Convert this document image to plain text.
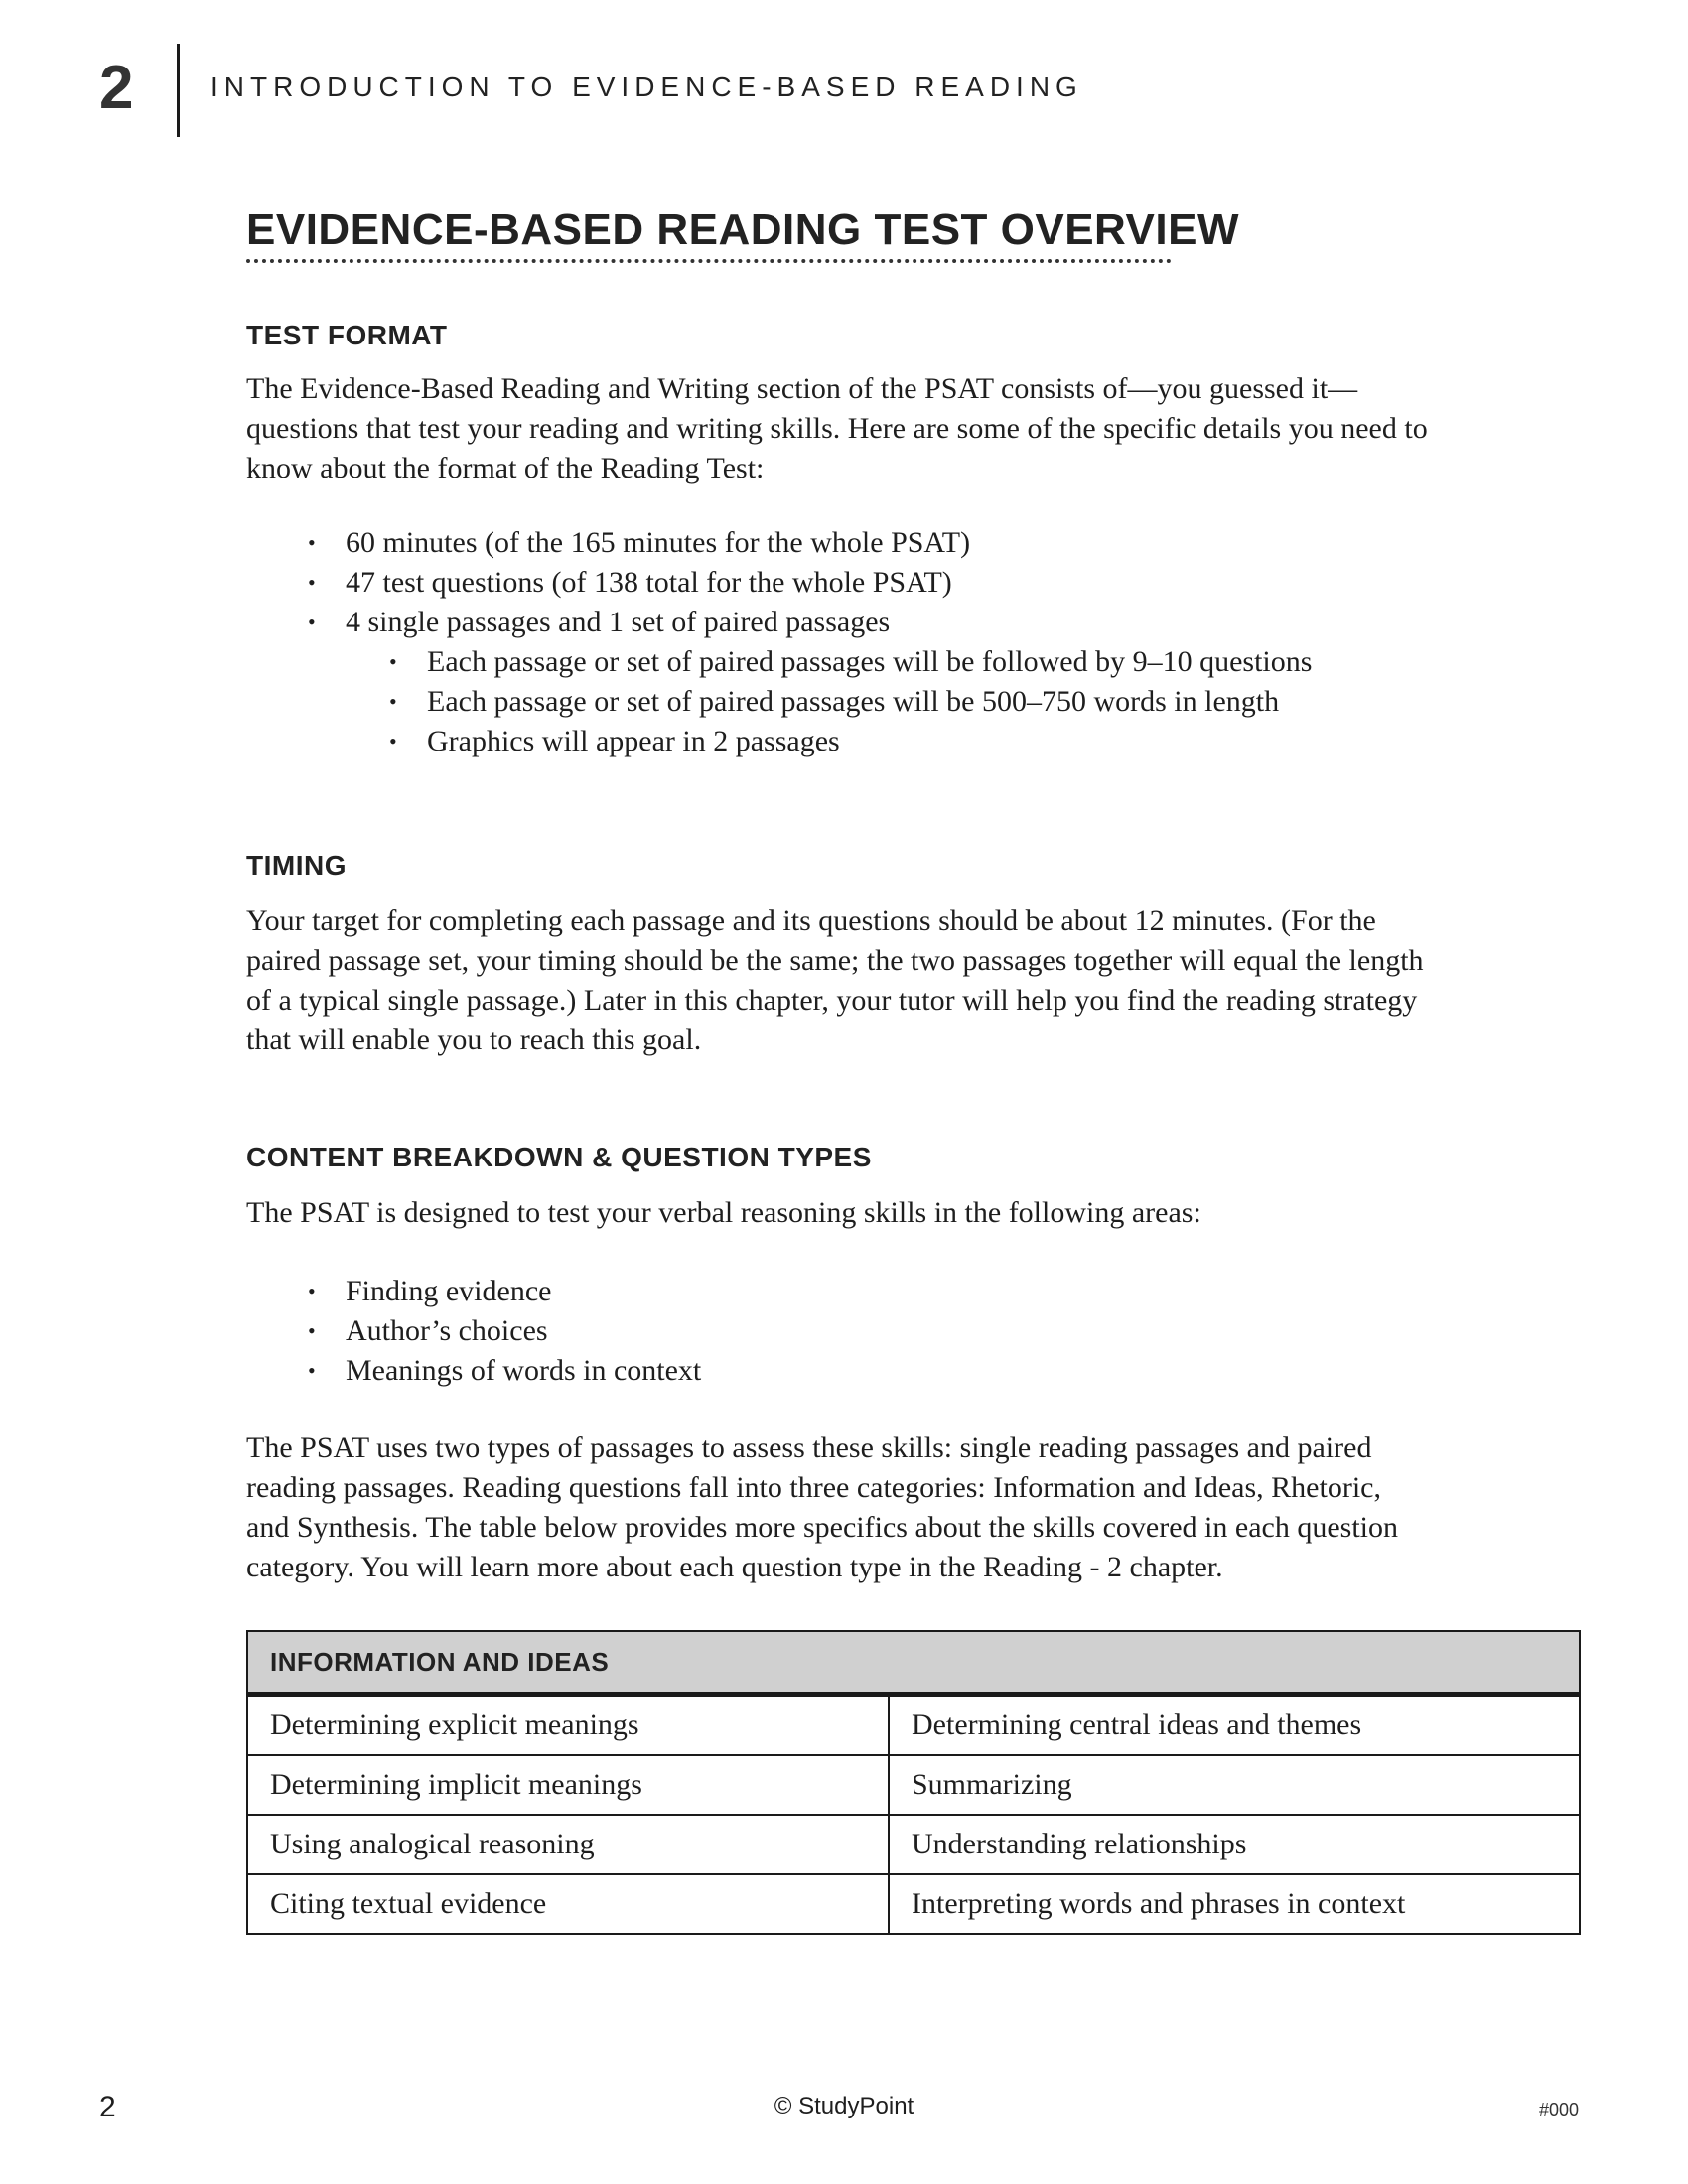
2	INTRODUCTION TO EVIDENCE-BASED READING
EVIDENCE-BASED READING TEST OVERVIEW
TEST FORMAT
The Evidence-Based Reading and Writing section of the PSAT consists of—you guessed it—
questions that test your reading and writing skills. Here are some of the specific details you need to
know about the format of the Reading Test:
•	60 minutes (of the 165 minutes for the whole PSAT)
•	47 test questions (of 138 total for the whole PSAT)
•	4 single passages and 1 set of paired passages
•	Each passage or set of paired passages will be followed by 9–10 questions
•	Each passage or set of paired passages will be 500–750 words in length
•	Graphics will appear in 2 passages
TIMING
Your target for completing each passage and its questions should be about 12 minutes. (For the
paired passage set, your timing should be the same; the two passages together will equal the length
of a typical single passage.) Later in this chapter, your tutor will help you find the reading strategy
that will enable you to reach this goal.
CONTENT BREAKDOWN & QUESTION TYPES
The PSAT is designed to test your verbal reasoning skills in the following areas:
•	Finding evidence
•	Author’s choices
•	Meanings of words in context
The PSAT uses two types of passages to assess these skills: single reading passages and paired
reading passages. Reading questions fall into three categories: Information and Ideas, Rhetoric,
and Synthesis. The table below provides more specifics about the skills covered in each question
category. You will learn more about each question type in the Reading - 2 chapter.
INFORMATION AND IDEAS	
Determining explicit meanings	Determining central ideas and themes
Determining implicit meanings	Summarizing
Using analogical reasoning	Understanding relationships
Citing textual evidence	Interpreting words and phrases in context
2	© StudyPoint	#000
